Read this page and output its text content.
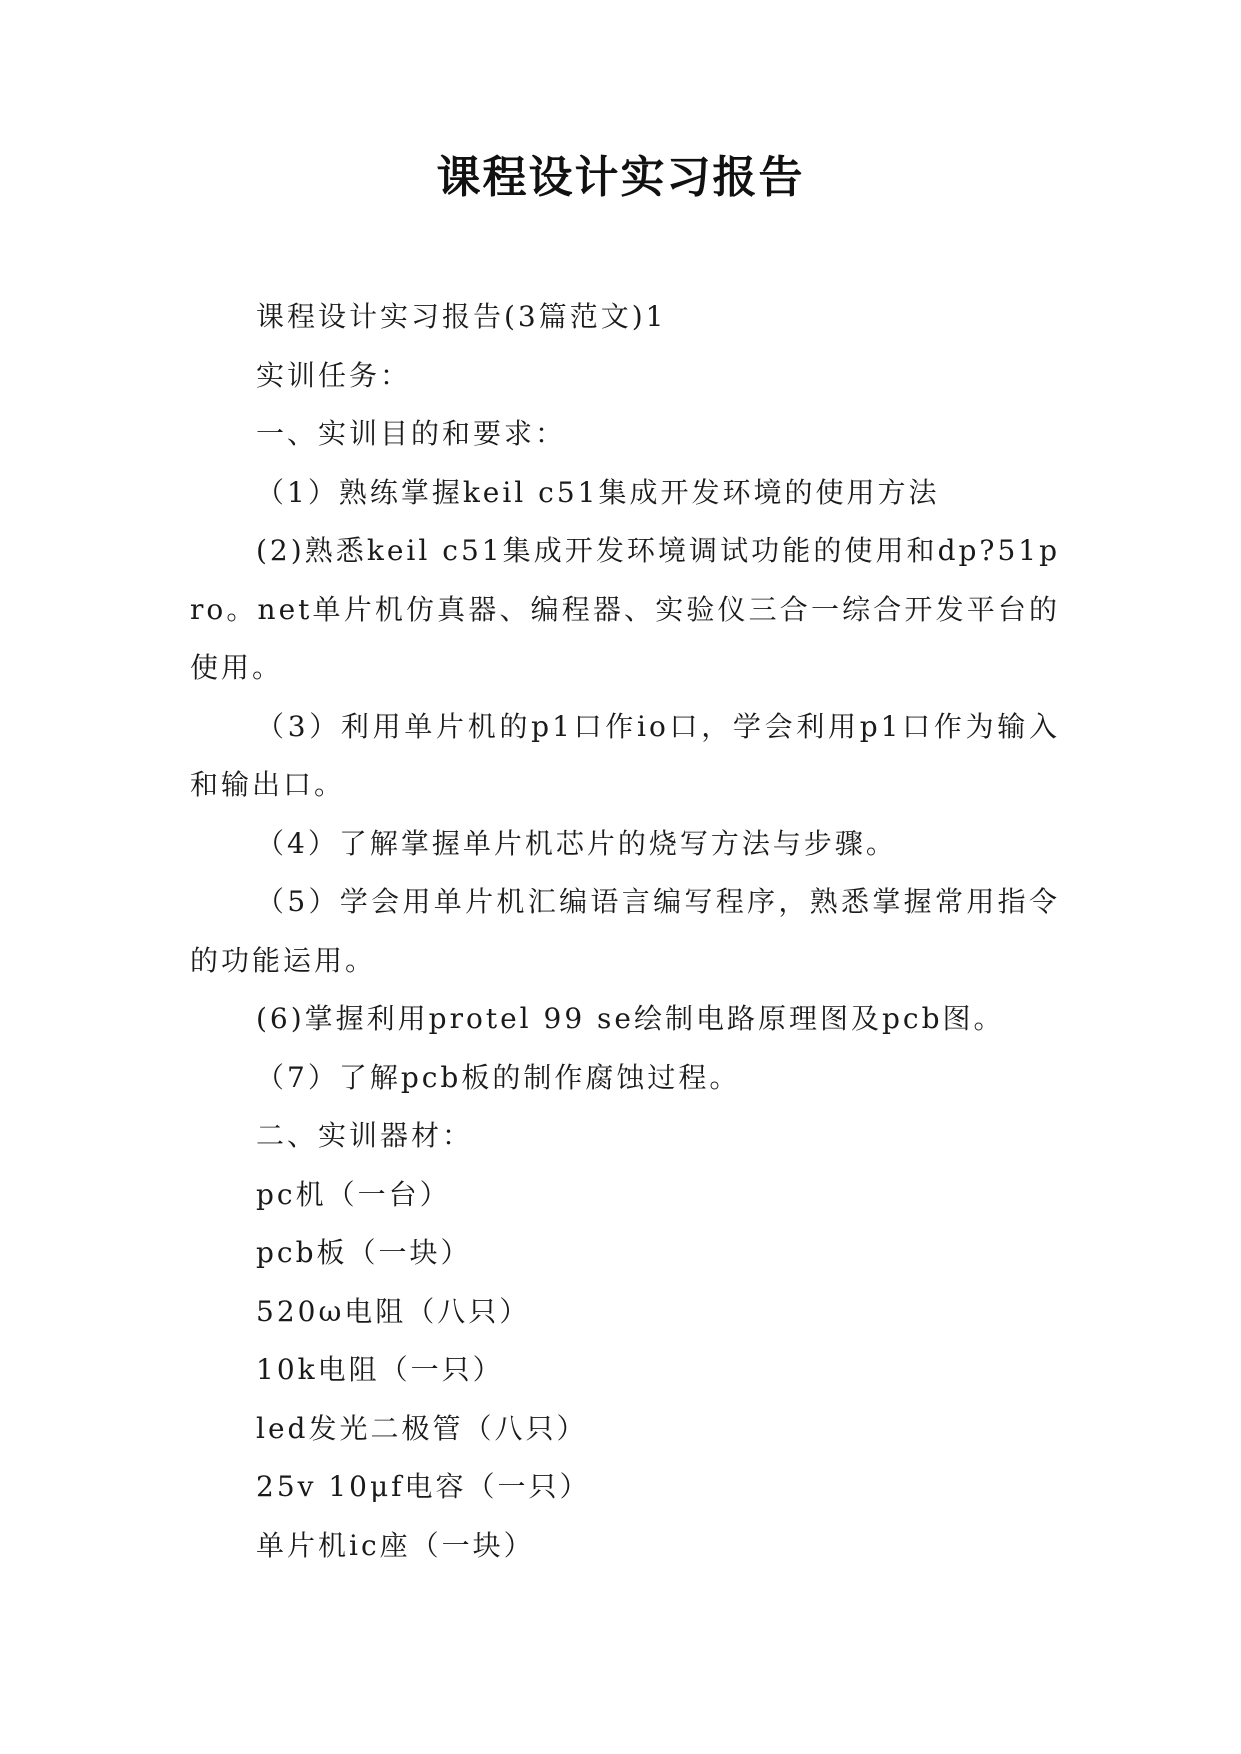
课程设计实习报告

课程设计实习报告(3篇范文)1

实训任务：

一、实训目的和要求：

（1）熟练掌握keil c51集成开发环境的使用方法

(2)熟悉keil c51集成开发环境调试功能的使用和dp?51pro。net单片机仿真器、编程器、实验仪三合一综合开发平台的使用。

（3）利用单片机的p1口作io口，学会利用p1口作为输入和输出口。

（4）了解掌握单片机芯片的烧写方法与步骤。

（5）学会用单片机汇编语言编写程序，熟悉掌握常用指令的功能运用。

(6)掌握利用protel 99 se绘制电路原理图及pcb图。

（7）了解pcb板的制作腐蚀过程。

二、实训器材：

pc机（一台）

pcb板（一块）

520ω电阻（八只）

10k电阻（一只）

led发光二极管（八只）

25v 10μf电容（一只）

单片机ic座（一块）
